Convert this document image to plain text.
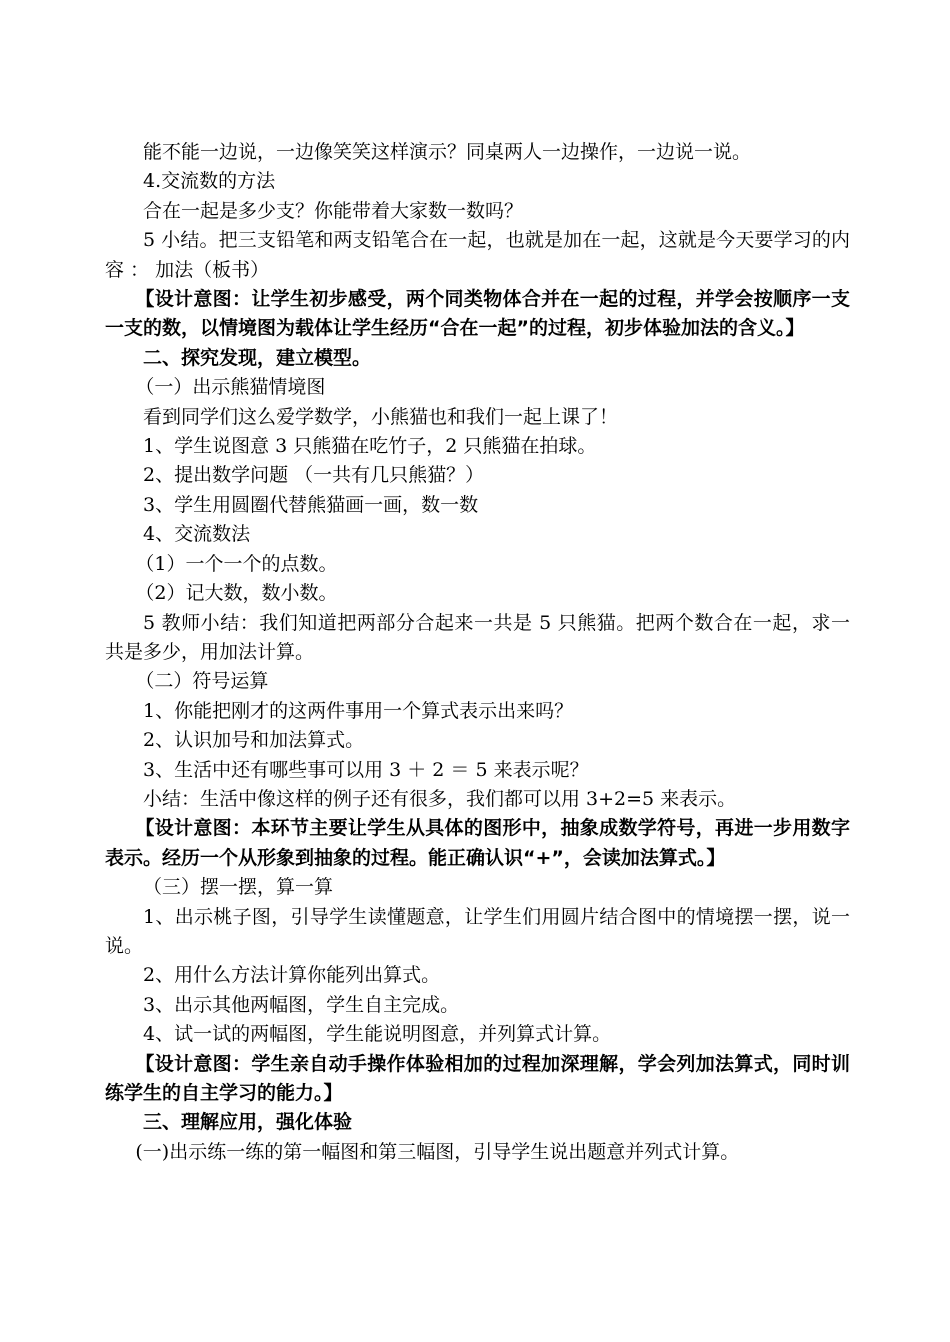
能不能一边说，一边像笑笑这样演示？同桌两人一边操作，一边说一说。

4.交流数的方法

合在一起是多少支？你能带着大家数一数吗？

5 小结。把三支铅笔和两支铅笔合在一起，也就是加在一起，这就是今天要学习的内容 ： 加法（板书）

【设计意图：让学生初步感受，两个同类物体合并在一起的过程，并学会按顺序一支一支的数，以情境图为载体让学生经历“合在一起”的过程，初步体验加法的含义。】

二、探究发现，建立模型。

（一）出示熊猫情境图

看到同学们这么爱学数学，小熊猫也和我们一起上课了！

1、学生说图意 3 只熊猫在吃竹子，2 只熊猫在拍球。

2、提出数学问题 （一共有几只熊猫？）

3、学生用圆圈代替熊猫画一画，数一数

4、交流数法

（1）一个一个的点数。

（2）记大数，数小数。

5 教师小结：我们知道把两部分合起来一共是 5 只熊猫。把两个数合在一起，求一共是多少，用加法计算。

（二）符号运算

1、你能把刚才的这两件事用一个算式表示出来吗？

2、认识加号和加法算式。

3、生活中还有哪些事可以用 3 ＋ 2 ＝ 5 来表示呢？

小结：生活中像这样的例子还有很多，我们都可以用 3+2=5 来表示。

【设计意图：本环节主要让学生从具体的图形中，抽象成数学符号，再进一步用数字表示。经历一个从形象到抽象的过程。能正确认识“+”，会读加法算式。】

（三）摆一摆，算一算

1、出示桃子图，引导学生读懂题意，让学生们用圆片结合图中的情境摆一摆，说一说。

2、用什么方法计算你能列出算式。

3、出示其他两幅图，学生自主完成。

4、试一试的两幅图，学生能说明图意，并列算式计算。

【设计意图：学生亲自动手操作体验相加的过程加深理解，学会列加法算式，同时训练学生的自主学习的能力。】

三、理解应用，强化体验

(一)出示练一练的第一幅图和第三幅图，引导学生说出题意并列式计算。
